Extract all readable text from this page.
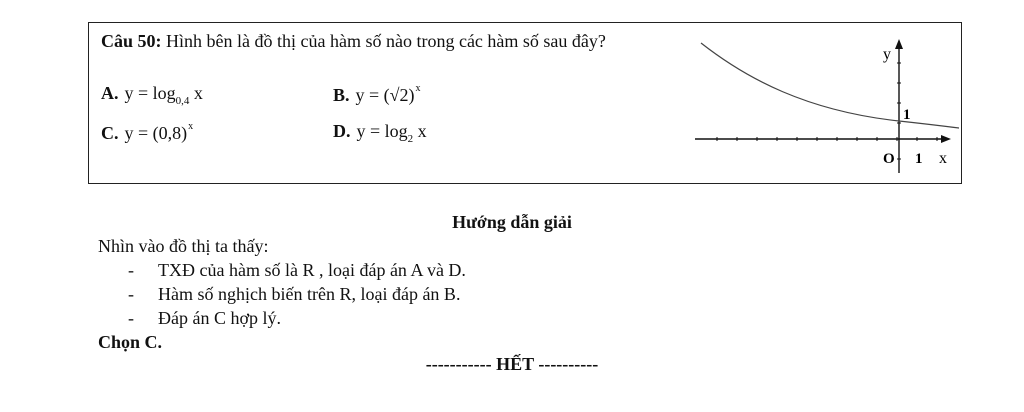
Câu 50: Hình bên là đồ thị của hàm số nào trong các hàm số sau đây?
A. $y = \log_{0,4} x$	B. $y = (√2)^x$
C. $y = (0,8)^x$	D. $y = \log_2 x$
y
1
O 1 x
Hướng dẫn giải
Nhìn vào đồ thị ta thấy:
- TXĐ của hàm số là R , loại đáp án A và D.
- Hàm số nghịch biến trên R, loại đáp án B.
- Đáp án C hợp lý.
Chọn C.
----------- HẾT ----------
